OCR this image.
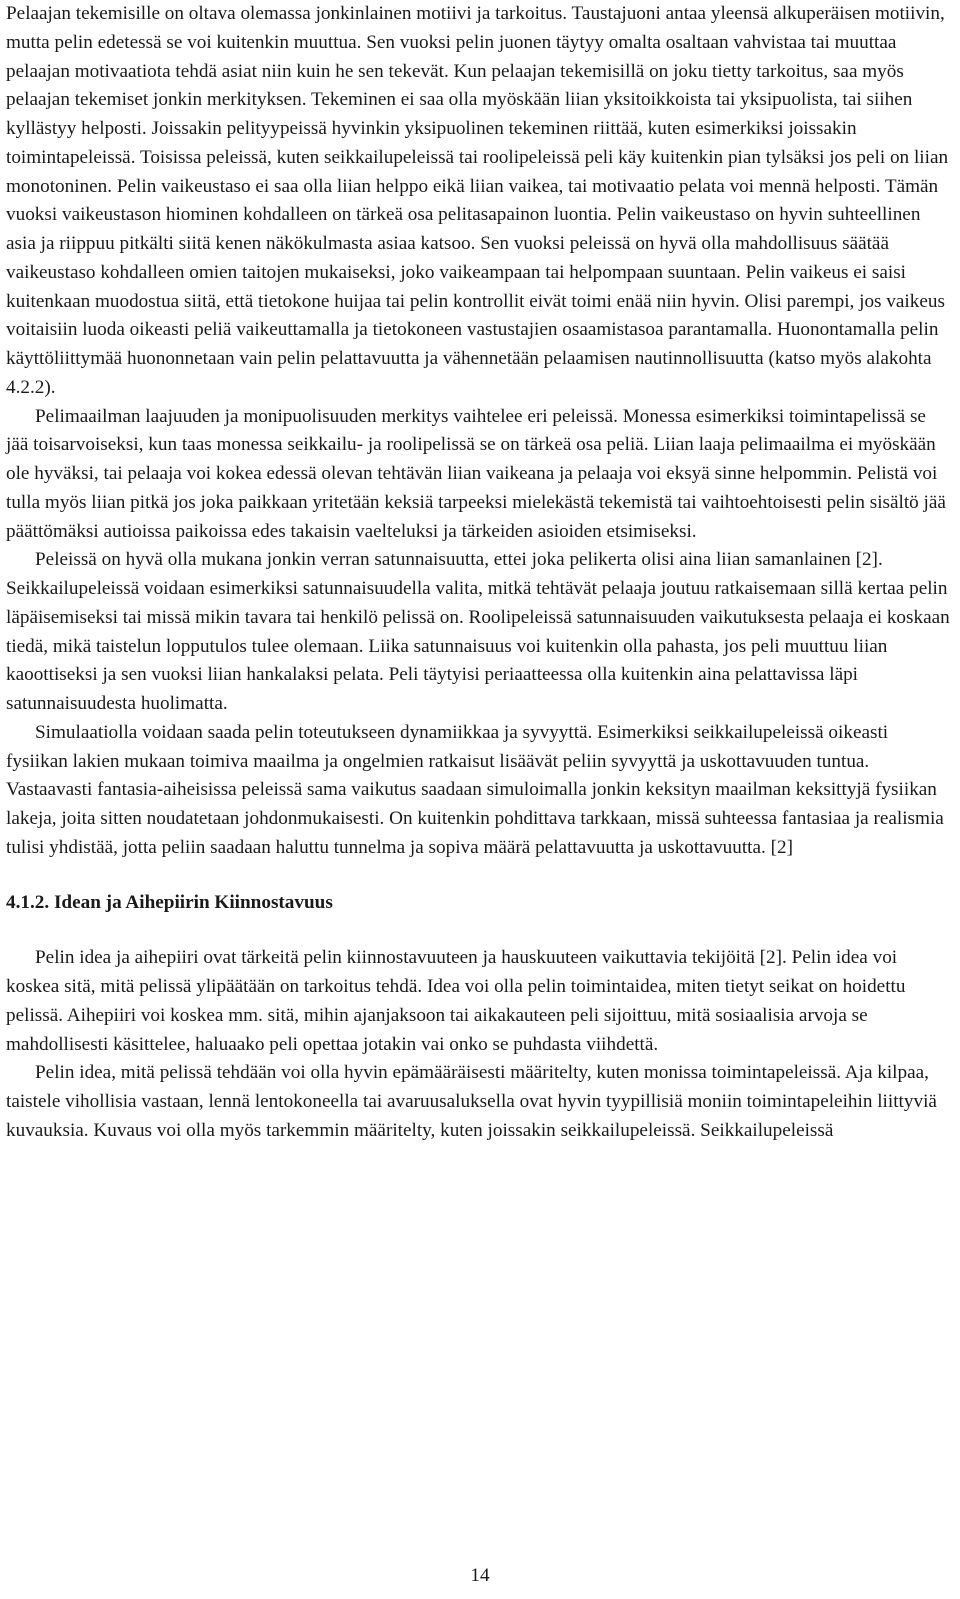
Pelaajan tekemisille on oltava olemassa jonkinlainen motiivi ja tarkoitus. Taustajuoni antaa yleensä alkuperäisen motiivin, mutta pelin edetessä se voi kuitenkin muuttua. Sen vuoksi pelin juonen täytyy omalta osaltaan vahvistaa tai muuttaa pelaajan motivaatiota tehdä asiat niin kuin he sen tekevät. Kun pelaajan tekemisillä on joku tietty tarkoitus, saa myös pelaajan tekemiset jonkin merkityksen. Tekeminen ei saa olla myöskään liian yksitoikkoista tai yksipuolista, tai siihen kyllästyy helposti. Joissakin pelityypeissä hyvinkin yksipuolinen tekeminen riittää, kuten esimerkiksi joissakin toimintapeleissä. Toisissa peleissä, kuten seikkailupeleissä tai roolipeleissä peli käy kuitenkin pian tylsäksi jos peli on liian monotoninen. Pelin vaikeustaso ei saa olla liian helppo eikä liian vaikea, tai motivaatio pelata voi mennä helposti. Tämän vuoksi vaikeustason hiominen kohdalleen on tärkeä osa pelitasapainon luontia. Pelin vaikeustaso on hyvin suhteellinen asia ja riippuu pitkälti siitä kenen näkökulmasta asiaa katsoo. Sen vuoksi peleissä on hyvä olla mahdollisuus säätää vaikeustaso kohdalleen omien taitojen mukaiseksi, joko vaikeampaan tai helpompaan suuntaan. Pelin vaikeus ei saisi kuitenkaan muodostua siitä, että tietokone huijaa tai pelin kontrollit eivät toimi enää niin hyvin. Olisi parempi, jos vaikeus voitaisiin luoda oikeasti peliä vaikeuttamalla ja tietokoneen vastustajien osaamistasoa parantamalla. Huonontamalla pelin käyttöliittymää huononnetaan vain pelin pelattavuutta ja vähennetään pelaamisen nautinnollisuutta (katso myös alakohta 4.2.2).

Pelimaailman laajuuden ja monipuolisuuden merkitys vaihtelee eri peleissä. Monessa esimerkiksi toimintapelissä se jää toisarvoiseksi, kun taas monessa seikkailu- ja roolipelissä se on tärkeä osa peliä. Liian laaja pelimaailma ei myöskään ole hyväksi, tai pelaaja voi kokea edessä olevan tehtävän liian vaikeana ja pelaaja voi eksyä sinne helpommin. Pelistä voi tulla myös liian pitkä jos joka paikkaan yritetään keksiä tarpeeksi mielekästä tekemistä tai vaihtoehtoisesti pelin sisältö jää päättömäksi autioissa paikoissa edes takaisin vaelteluksi ja tärkeiden asioiden etsimiseksi.

Peleissä on hyvä olla mukana jonkin verran satunnaisuutta, ettei joka pelikerta olisi aina liian samanlainen [2]. Seikkailupeleissä voidaan esimerkiksi satunnaisuudella valita, mitkä tehtävät pelaaja joutuu ratkaisemaan sillä kertaa pelin läpäisemiseksi tai missä mikin tavara tai henkilö pelissä on. Roolipeleissä satunnaisuuden vaikutuksesta pelaaja ei koskaan tiedä, mikä taistelun lopputulos tulee olemaan. Liika satunnaisuus voi kuitenkin olla pahasta, jos peli muuttuu liian kaoottiseksi ja sen vuoksi liian hankalaksi pelata. Peli täytyisi periaatteessa olla kuitenkin aina pelattavissa läpi satunnaisuudesta huolimatta.

Simulaatiolla voidaan saada pelin toteutukseen dynamiikkaa ja syvyyttä. Esimerkiksi seikkailupeleissä oikeasti fysiikan lakien mukaan toimiva maailma ja ongelmien ratkaisut lisäävät peliin syvyyttä ja uskottavuuden tuntua. Vastaavasti fantasia-aiheisissa peleissä sama vaikutus saadaan simuloimalla jonkin keksityn maailman keksittyjä fysiikan lakeja, joita sitten noudatetaan johdonmukaisesti. On kuitenkin pohdittava tarkkaan, missä suhteessa fantasiaa ja realismia tulisi yhdistää, jotta peliin saadaan haluttu tunnelma ja sopiva määrä pelattavuutta ja uskottavuutta. [2]

4.1.2. Idean ja Aihepiirin Kiinnostavuus

Pelin idea ja aihepiiri ovat tärkeitä pelin kiinnostavuuteen ja hauskuuteen vaikuttavia tekijöitä [2]. Pelin idea voi koskea sitä, mitä pelissä ylipäätään on tarkoitus tehdä. Idea voi olla pelin toimintaidea, miten tietyt seikat on hoidettu pelissä. Aihepiiri voi koskea mm. sitä, mihin ajanjaksoon tai aikakauteen peli sijoittuu, mitä sosiaalisia arvoja se mahdollisesti käsittelee, haluaako peli opettaa jotakin vai onko se puhdasta viihdettä.

Pelin idea, mitä pelissä tehdään voi olla hyvin epämääräisesti määritelty, kuten monissa toimintapeleissä. Aja kilpaa, taistele vihollisia vastaan, lennä lentokoneella tai avaruusaluksella ovat hyvin tyypillisiä moniin toimintapeleihin liittyviä kuvauksia. Kuvaus voi olla myös tarkemmin määritelty, kuten joissakin seikkailupeleissä. Seikkailupeleissä

14
